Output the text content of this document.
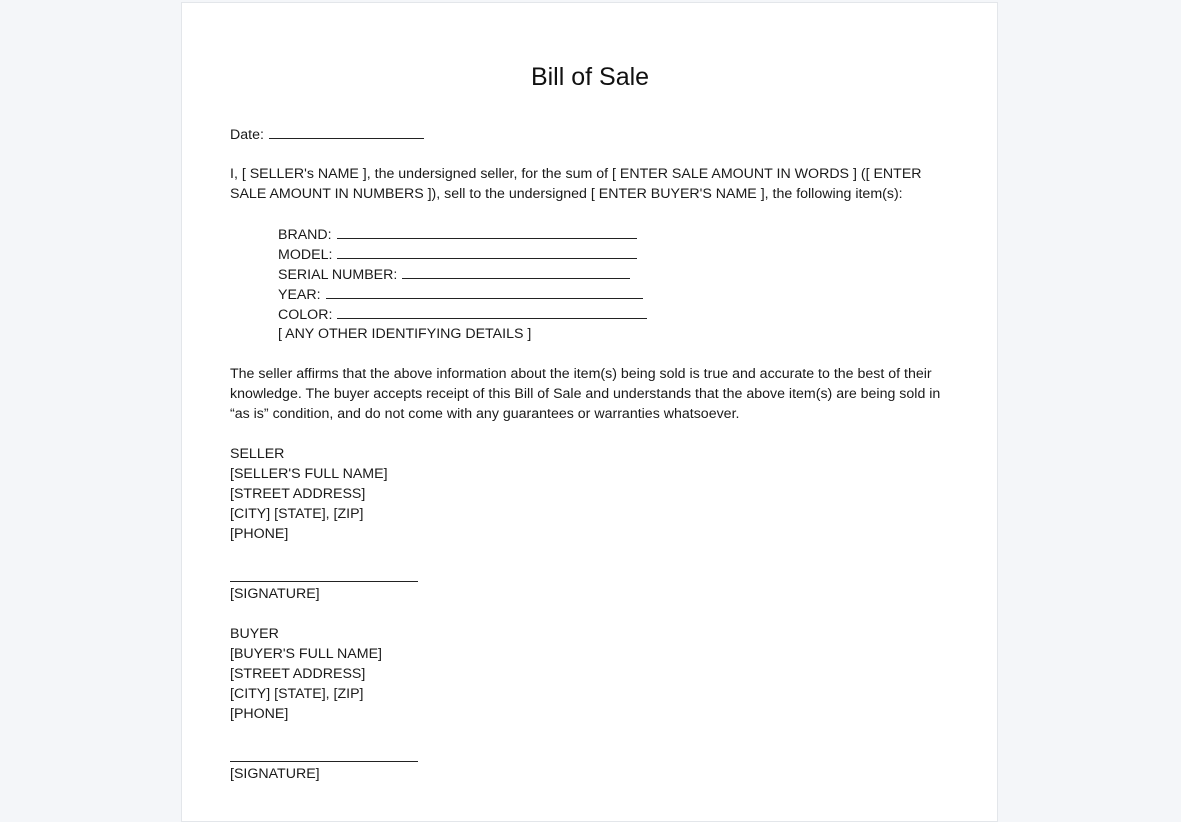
Bill of Sale
Date:
I, [ SELLER's NAME ], the undersigned seller, for the sum of [ ENTER SALE AMOUNT IN WORDS ] ([ ENTER SALE AMOUNT IN NUMBERS ]), sell to the undersigned [ ENTER BUYER'S NAME ], the following item(s):
BRAND:
MODEL:
SERIAL NUMBER:
YEAR:
COLOR:
[ ANY OTHER IDENTIFYING DETAILS ]
The seller affirms that the above information about the item(s) being sold is true and accurate to the best of their knowledge. The buyer accepts receipt of this Bill of Sale and understands that the above item(s) are being sold in “as is” condition, and do not come with any guarantees or warranties whatsoever.
SELLER
[SELLER'S FULL NAME]
[STREET ADDRESS]
[CITY] [STATE], [ZIP]
[PHONE]
[SIGNATURE]
BUYER
[BUYER'S FULL NAME]
[STREET ADDRESS]
[CITY] [STATE], [ZIP]
[PHONE]
[SIGNATURE]
